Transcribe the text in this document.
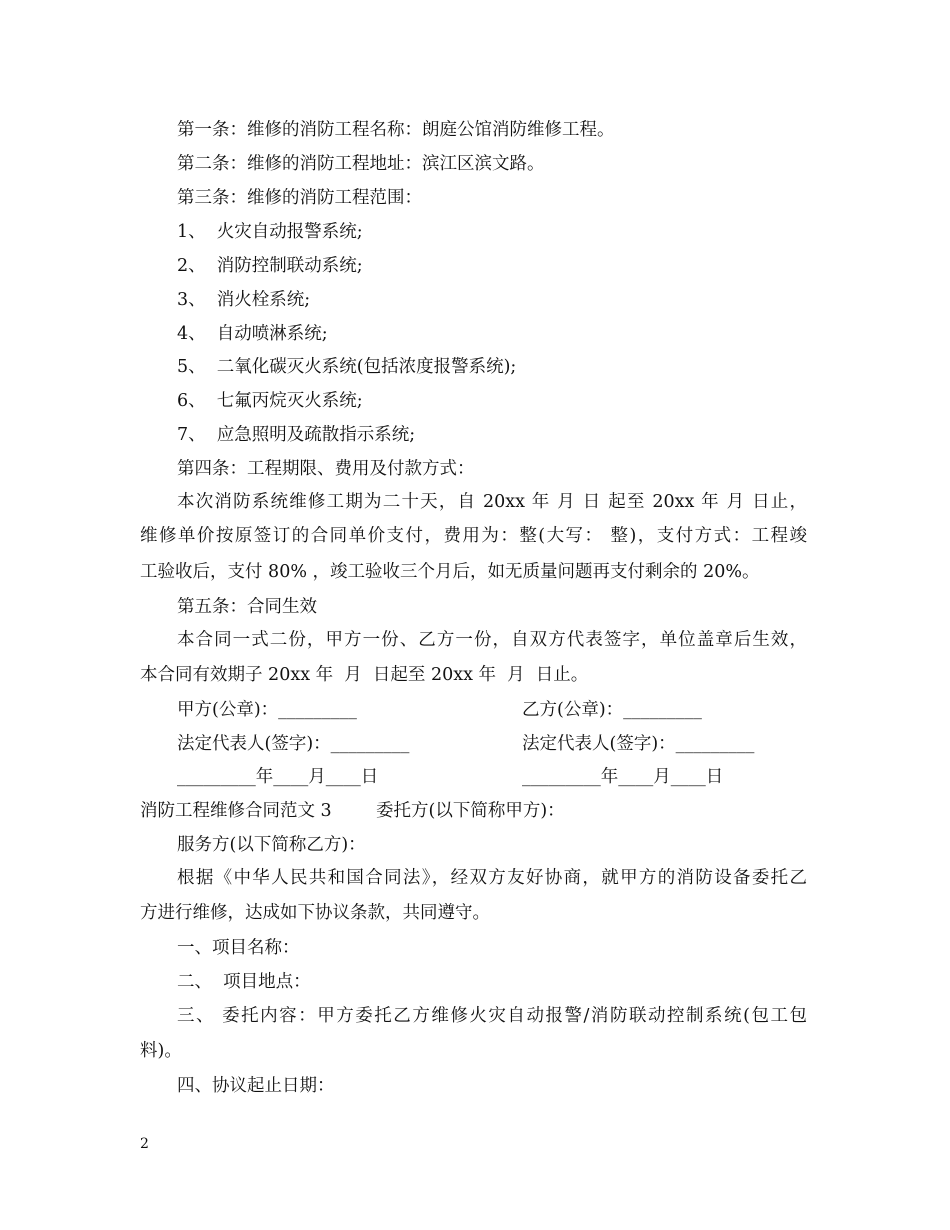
第一条：维修的消防工程名称：朗庭公馆消防维修工程。
第二条：维修的消防工程地址：滨江区滨文路。
第三条：维修的消防工程范围：
1、  火灾自动报警系统;
2、  消防控制联动系统;
3、  消火栓系统;
4、  自动喷淋系统;
5、  二氧化碳灭火系统(包括浓度报警系统);
6、  七氟丙烷灭火系统;
7、  应急照明及疏散指示系统;
第四条：工程期限、费用及付款方式：
本次消防系统维修工期为二十天，自 20xx 年 月 日 起至 20xx 年 月 日止，
维修单价按原签订的合同单价支付，费用为：整(大写： 整)，支付方式：工程竣
工验收后，支付 80% ，竣工验收三个月后，如无质量问题再支付剩余的 20%。
第五条：合同生效
本合同一式二份，甲方一份、乙方一份，自双方代表签字，单位盖章后生效，
本合同有效期子 20xx 年  月  日起至 20xx 年  月  日止。
甲方(公章)：_________	乙方(公章)：_________
法定代表人(签字)：_________	法定代表人(签字)：_________
_________年____月____日	_________年____月____日
消防工程维修合同范文 3	委托方(以下简称甲方)：
服务方(以下简称乙方)：
根据《中华人民共和国合同法》，经双方友好协商，就甲方的消防设备委托乙
方进行维修，达成如下协议条款，共同遵守。
一、项目名称：
二、  项目地点：
三、 委托内容：甲方委托乙方维修火灾自动报警/消防联动控制系统(包工包
料)。
四、协议起止日期：
2
